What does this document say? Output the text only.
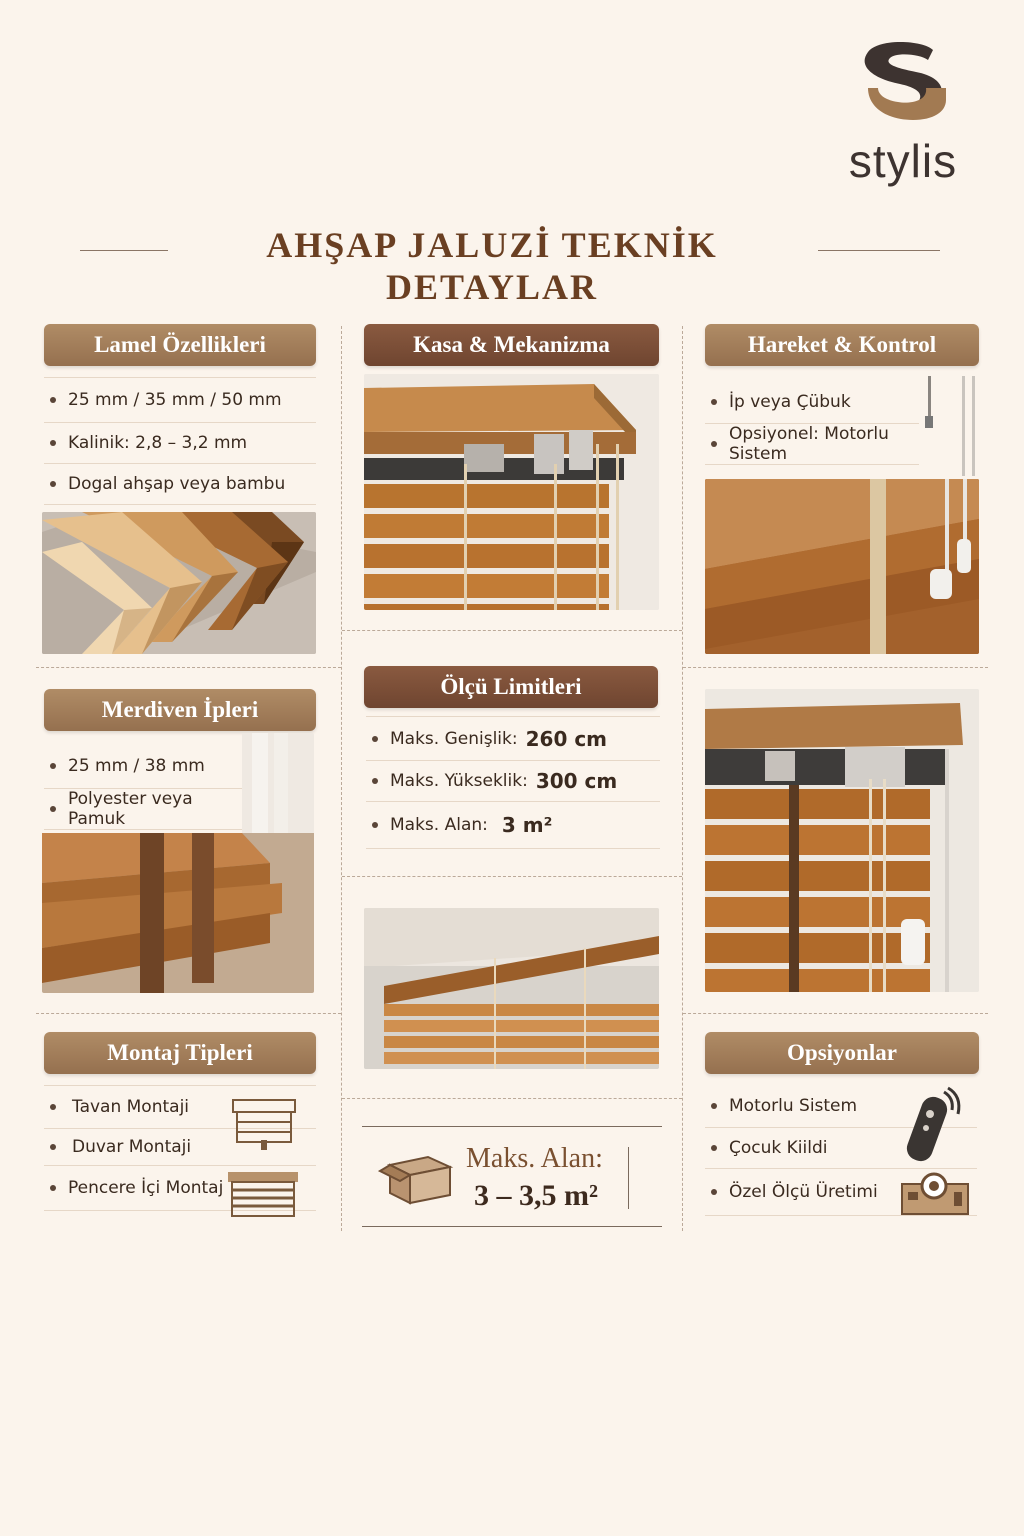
stylis
AHŞAP JALUZİ TEKNİK DETAYLAR
Lamel Özellikleri
25 mm / 35 mm / 50 mm
Kalinik: 2,8 – 3,2 mm
Dogal ahşap veya bambu
Kasa & Mekanizma	Hareket & Kontrol
İp veya Çübuk
Opsiyonel: Motorlu Sistem
Merdiven İpleri
25 mm / 38 mm
Polyester veya Pamuk
Ölçü Limitleri
Maks. Genişlik: 260 cm
Maks. Yükseklik: 300 cm
Maks. Alan: 3 m²
Montaj Tipleri
Tavan Montaji
Duvar Montaji
Pencere İçi Montaj
Maks. Alan:
3 – 3,5 m²
Opsiyonlar
Motorlu Sistem
Çocuk Kiildi
Özel Ölçü Üretimi
